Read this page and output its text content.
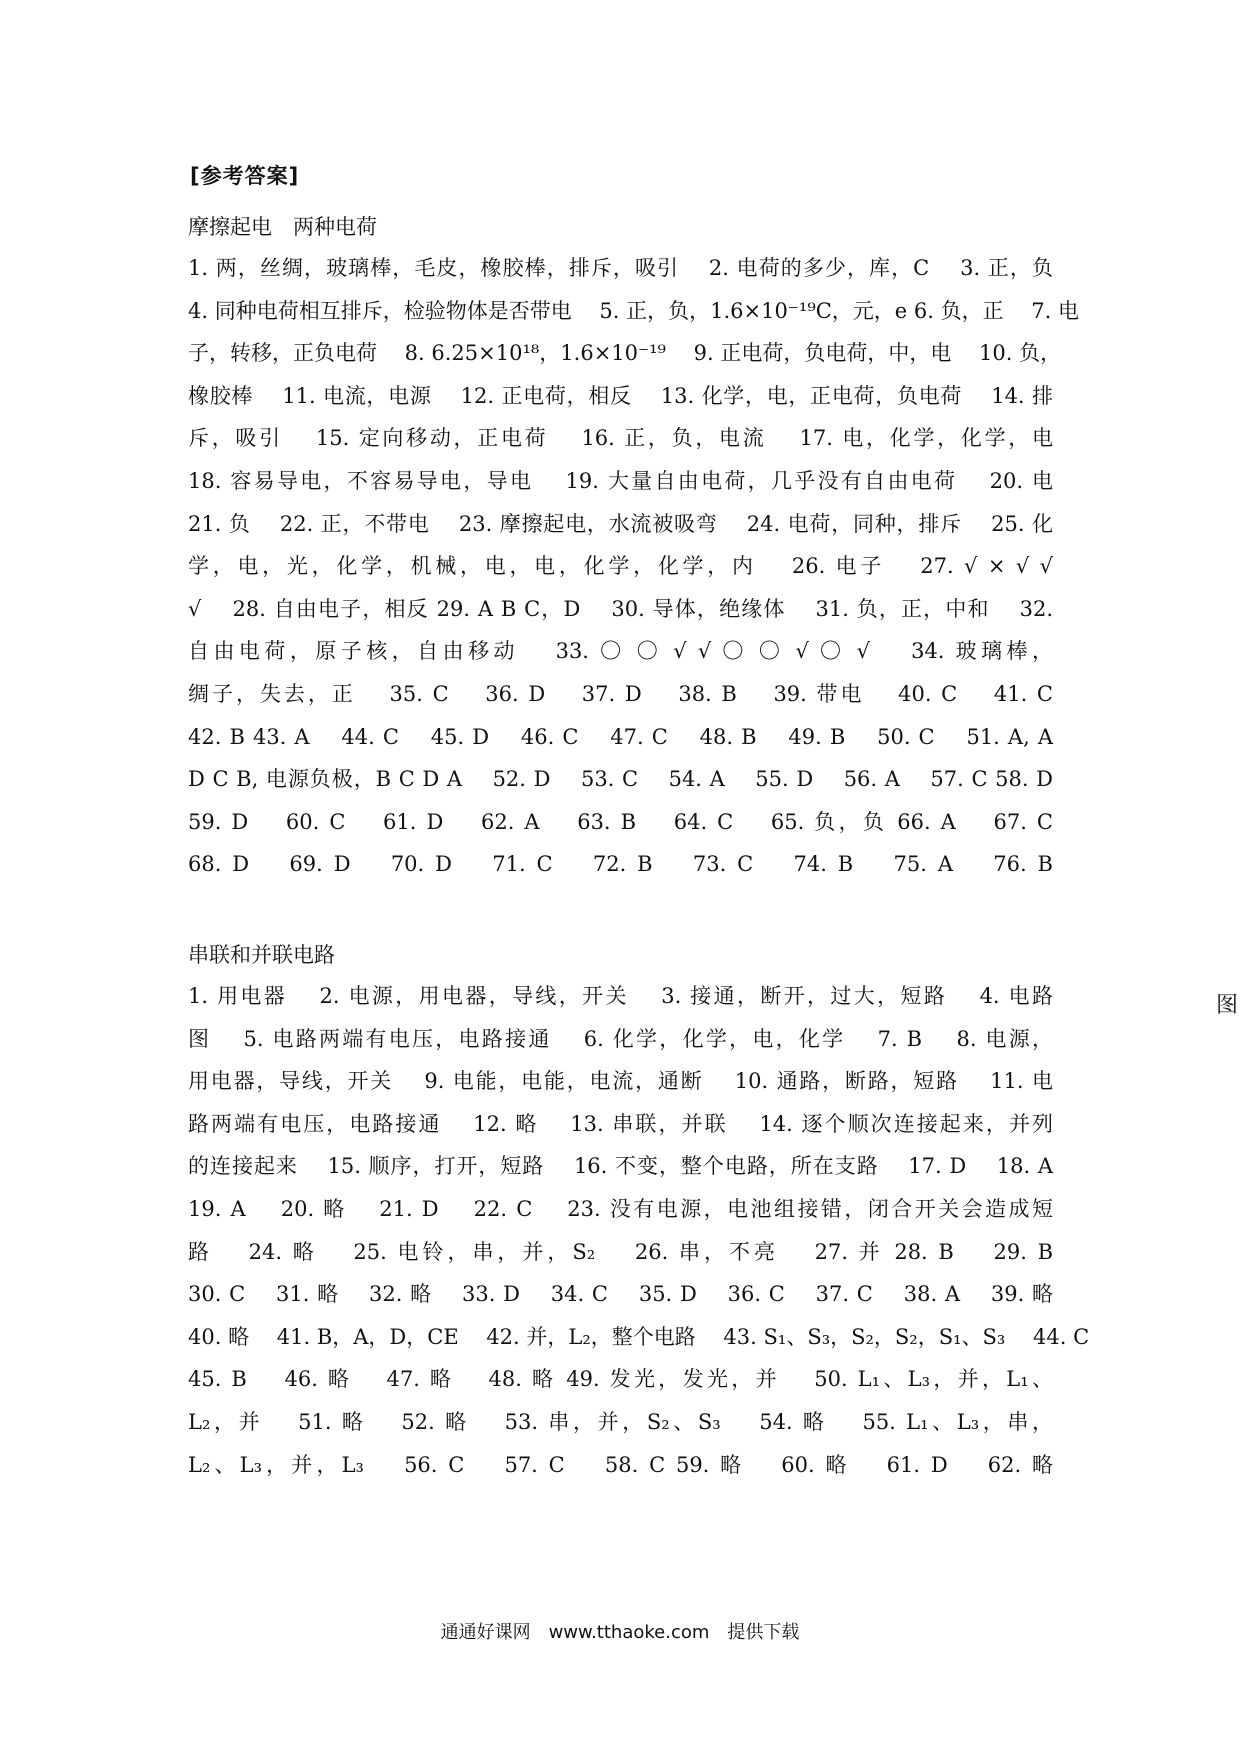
[参考答案]
摩擦起电　两种电荷
1. 两，丝绸，玻璃棒，毛皮，橡胶棒，排斥，吸引　 2. 电荷的多少，库，C　 3. 正，负
4. 同种电荷相互排斥，检验物体是否带电　 5. 正，负，1.6×10⁻¹⁹C，元，e 6. 负，正　 7. 电
子，转移，正负电荷　 8. 6.25×10¹⁸，1.6×10⁻¹⁹　 9. 正电荷，负电荷，中，电　 10. 负，
橡胶棒　 11. 电流，电源　 12. 正电荷，相反　 13. 化学，电，正电荷，负电荷　 14. 排
斥，吸引　 15. 定向移动，正电荷　 16. 正，负，电流　 17. 电，化学，化学，电
18. 容易导电，不容易导电，导电　 19. 大量自由电荷，几乎没有自由电荷　 20. 电
21. 负　 22. 正，不带电　 23. 摩擦起电，水流被吸弯　 24. 电荷，同种，排斥　 25. 化
学，电，光，化学，机械，电，电，化学，化学，内　 26. 电子　 27. √ × √ √
√　 28. 自由电子，相反 29. A B C，D　 30. 导体，绝缘体　 31. 负，正，中和　 32.
自由电荷，原子核，自由移动　 33. 〇 〇 √ √ 〇 〇 √ 〇 √　 34. 玻璃棒，
绸子，失去，正　 35. C　 36. D　 37. D　 38. B　 39. 带电　 40. C　 41. C
42. B 43. A　 44. C　 45. D　 46. C　 47. C　 48. B　 49. B　 50. C　 51. A, A
D C B, 电源负极，B C D A　 52. D　 53. C　 54. A　 55. D　 56. A　 57. C 58. D
59. D　 60. C　 61. D　 62. A　 63. B　 64. C　 65. 负，负 66. A　 67. C
68. D　 69. D　 70. D　 71. C　 72. B　 73. C　 74. B　 75. A　 76. B
串联和并联电路
1. 用电器　 2. 电源，用电器，导线，开关　 3. 接通，断开，过大，短路　 4. 电路
图　 5. 电路两端有电压，电路接通　 6. 化学，化学，电，化学　 7. B　 8. 电源，
用电器，导线，开关　 9. 电能，电能，电流，通断　 10. 通路，断路，短路　 11. 电
路两端有电压，电路接通　 12. 略　 13. 串联，并联　 14. 逐个顺次连接起来，并列
的连接起来　 15. 顺序，打开，短路　 16. 不变，整个电路，所在支路　 17. D　 18. A
19. A　 20. 略　 21. D　 22. C　 23. 没有电源，电池组接错，闭合开关会造成短
路　 24. 略　 25. 电铃，串，并，S₂　 26. 串，不亮　 27. 并 28. B　 29. B
30. C　 31. 略　 32. 略　 33. D　 34. C　 35. D　 36. C　 37. C　 38. A　 39. 略
40. 略　 41. B，A，D，CE　 42. 并，L₂，整个电路　 43. S₁、S₃，S₂，S₂，S₁、S₃　 44. C
45. B　 46. 略　 47. 略　 48. 略 49. 发光，发光，并　 50. L₁、L₃，并，L₁、
L₂，并　 51. 略　 52. 略　 53. 串，并，S₂、S₃　 54. 略　 55. L₁、L₃，串，
L₂、L₃，并，L₃　 56. C　 57. C　 58. C 59. 略　 60. 略　 61. D　 62. 略
图
通通好课网　www.tthaoke.com　提供下载
